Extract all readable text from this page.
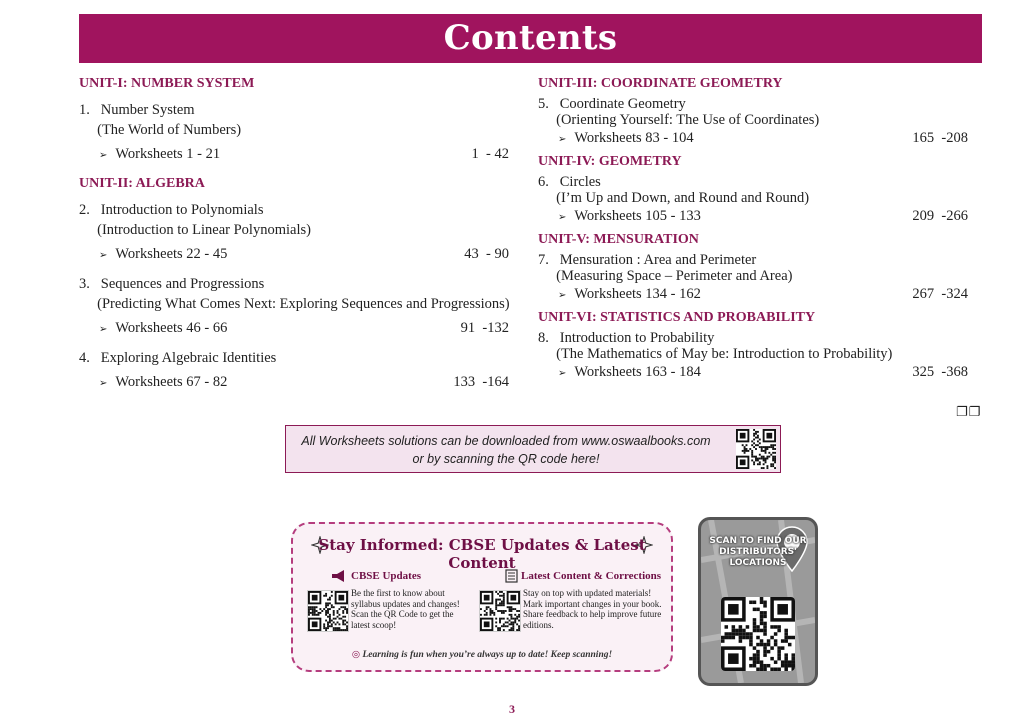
Contents
UNIT-I: NUMBER SYSTEM
1.   Number System
(The World of Numbers)
➢ Worksheets 1 - 21	1  - 42
UNIT-II: ALGEBRA
2.   Introduction to Polynomials
(Introduction to Linear Polynomials)
➢ Worksheets 22 - 45	43  - 90
3.   Sequences and Progressions
(Predicting What Comes Next: Exploring Sequences and Progressions)
➢ Worksheets 46 - 66	91  -132
4.   Exploring Algebraic Identities
➢ Worksheets 67 - 82	133  -164
UNIT-III: COORDINATE GEOMETRY
5.   Coordinate Geometry
(Orienting Yourself: The Use of Coordinates)
➢ Worksheets 83 - 104	165  -208
UNIT-IV: GEOMETRY
6.   Circles
(I’m Up and Down, and Round and Round)
➢ Worksheets 105 - 133	209  -266
UNIT-V: MENSURATION
7.   Mensuration : Area and Perimeter
(Measuring Space – Perimeter and Area)
➢ Worksheets 134 - 162	267  -324
UNIT-VI: STATISTICS AND PROBABILITY
8.   Introduction to Probability
(The Mathematics of May be: Introduction to Probability)
➢ Worksheets 163 - 184	325  -368
❐❐
All Worksheets solutions can be downloaded from www.oswaalbooks.com
or by scanning the QR code here!
Stay Informed: CBSE Updates & Latest Content
CBSE Updates
Be the first to know about syllabus updates and changes! Scan the QR Code to get the latest scoop!
Latest Content & Corrections
Stay on top with updated materials! Mark important changes in your book. Share feedback to help improve future editions.
◎ Learning is fun when you’re always up to date! Keep scanning!
SCAN TO FIND OUR DISTRIBUTORS' LOCATIONS
3
